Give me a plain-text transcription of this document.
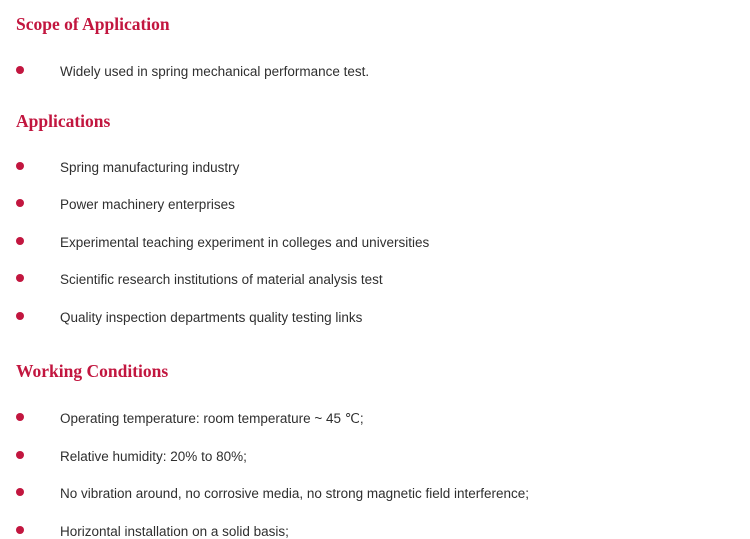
Scope of Application
Widely used in spring mechanical performance test.
Applications
Spring manufacturing industry
Power machinery enterprises
Experimental teaching experiment in colleges and universities
Scientific research institutions of material analysis test
Quality inspection departments quality testing links
Working Conditions
Operating temperature: room temperature ~ 45 ℃;
Relative humidity: 20% to 80%;
No vibration around, no corrosive media, no strong magnetic field interference;
Horizontal installation on a solid basis;
